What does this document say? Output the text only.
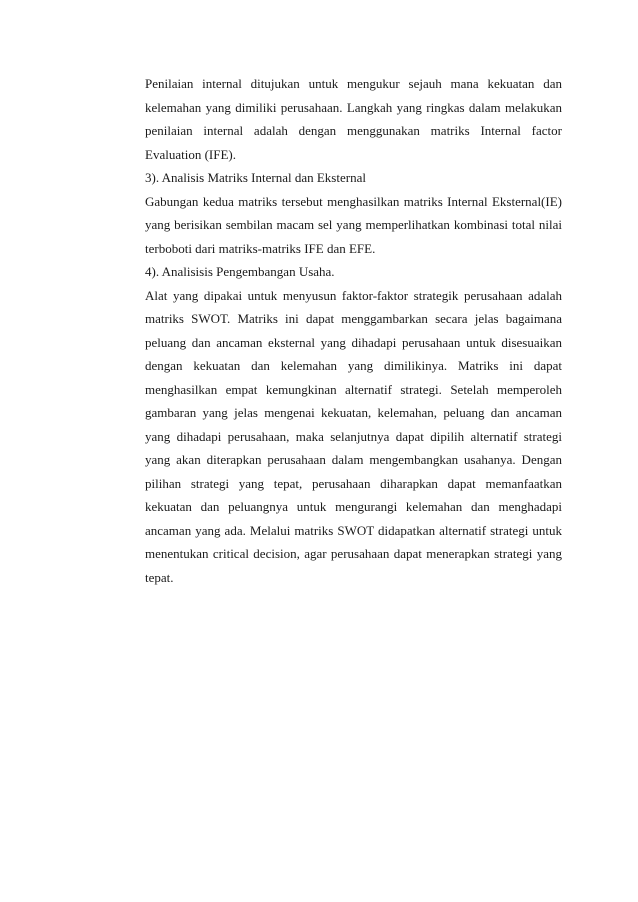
Penilaian internal ditujukan untuk mengukur sejauh mana kekuatan dan
kelemahan yang dimiliki perusahaan. Langkah yang ringkas dalam melakukan
penilaian internal adalah dengan menggunakan matriks Internal factor
Evaluation (IFE).
3). Analisis Matriks Internal dan Eksternal
Gabungan kedua matriks tersebut menghasilkan matriks Internal Eksternal(IE)
yang berisikan sembilan macam sel yang memperlihatkan kombinasi total nilai
terboboti dari matriks-matriks IFE dan EFE.
4). Analisisis Pengembangan Usaha.
Alat yang dipakai untuk menyusun faktor-faktor strategik perusahaan adalah
matriks SWOT. Matriks ini dapat menggambarkan secara jelas bagaimana
peluang dan ancaman eksternal yang dihadapi perusahaan untuk disesuaikan
dengan kekuatan dan kelemahan yang dimilikinya. Matriks ini dapat
menghasilkan empat kemungkinan alternatif strategi. Setelah memperoleh
gambaran yang jelas mengenai kekuatan, kelemahan, peluang dan ancaman
yang dihadapi perusahaan, maka selanjutnya dapat dipilih alternatif strategi
yang akan diterapkan perusahaan dalam mengembangkan usahanya. Dengan
pilihan strategi yang tepat, perusahaan diharapkan dapat memanfaatkan
kekuatan dan peluangnya untuk mengurangi kelemahan dan menghadapi
ancaman yang ada. Melalui matriks SWOT didapatkan alternatif strategi untuk
menentukan critical decision, agar perusahaan dapat menerapkan strategi yang
tepat.
